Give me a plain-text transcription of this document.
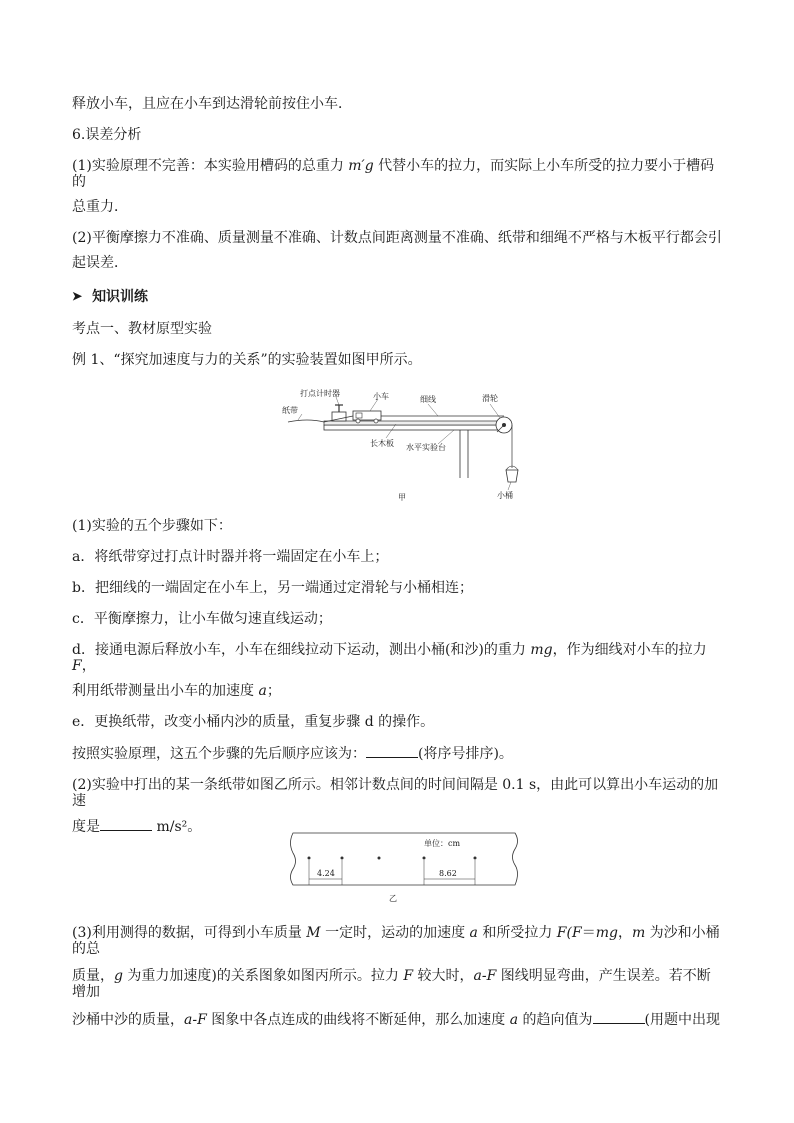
释放小车，且应在小车到达滑轮前按住小车．

6.误差分析

(1)实验原理不完善：本实验用槽码的总重力 m′g 代替小车的拉力，而实际上小车所受的拉力要小于槽码的

总重力．

(2)平衡摩擦力不准确、质量测量不准确、计数点间距离测量不准确、纸带和细绳不严格与木板平行都会引

起误差．

➤ 知识训练

考点一、教材原型实验

例 1、“探究加速度与力的关系”的实验装置如图甲所示。

打点计时器	小车	细线	滑轮
纸带
长木板 水平实验台
小桶
甲

(1)实验的五个步骤如下：

a．将纸带穿过打点计时器并将一端固定在小车上；

b．把细线的一端固定在小车上，另一端通过定滑轮与小桶相连；

c．平衡摩擦力，让小车做匀速直线运动；

d．接通电源后释放小车，小车在细线拉动下运动，测出小桶(和沙)的重力 mg，作为细线对小车的拉力 F，

利用纸带测量出小车的加速度 a；

e．更换纸带，改变小桶内沙的质量，重复步骤 d 的操作。

按照实验原理，这五个步骤的先后顺序应该为：	(将序号排序)。

(2)实验中打出的某一条纸带如图乙所示。相邻计数点间的时间间隔是 0.1 s，由此可以算出小车运动的加速

度是	m/s²。

单位：cm
4.24	8.62
乙

(3)利用测得的数据，可得到小车质量 M 一定时，运动的加速度 a 和所受拉力 F(F＝mg，m 为沙和小桶的总

质量，g 为重力加速度)的关系图象如图丙所示。拉力 F 较大时，a-F 图线明显弯曲，产生误差。若不断增加

沙桶中沙的质量，a-F 图象中各点连成的曲线将不断延伸，那么加速度 a 的趋向值为	(用题中出现
